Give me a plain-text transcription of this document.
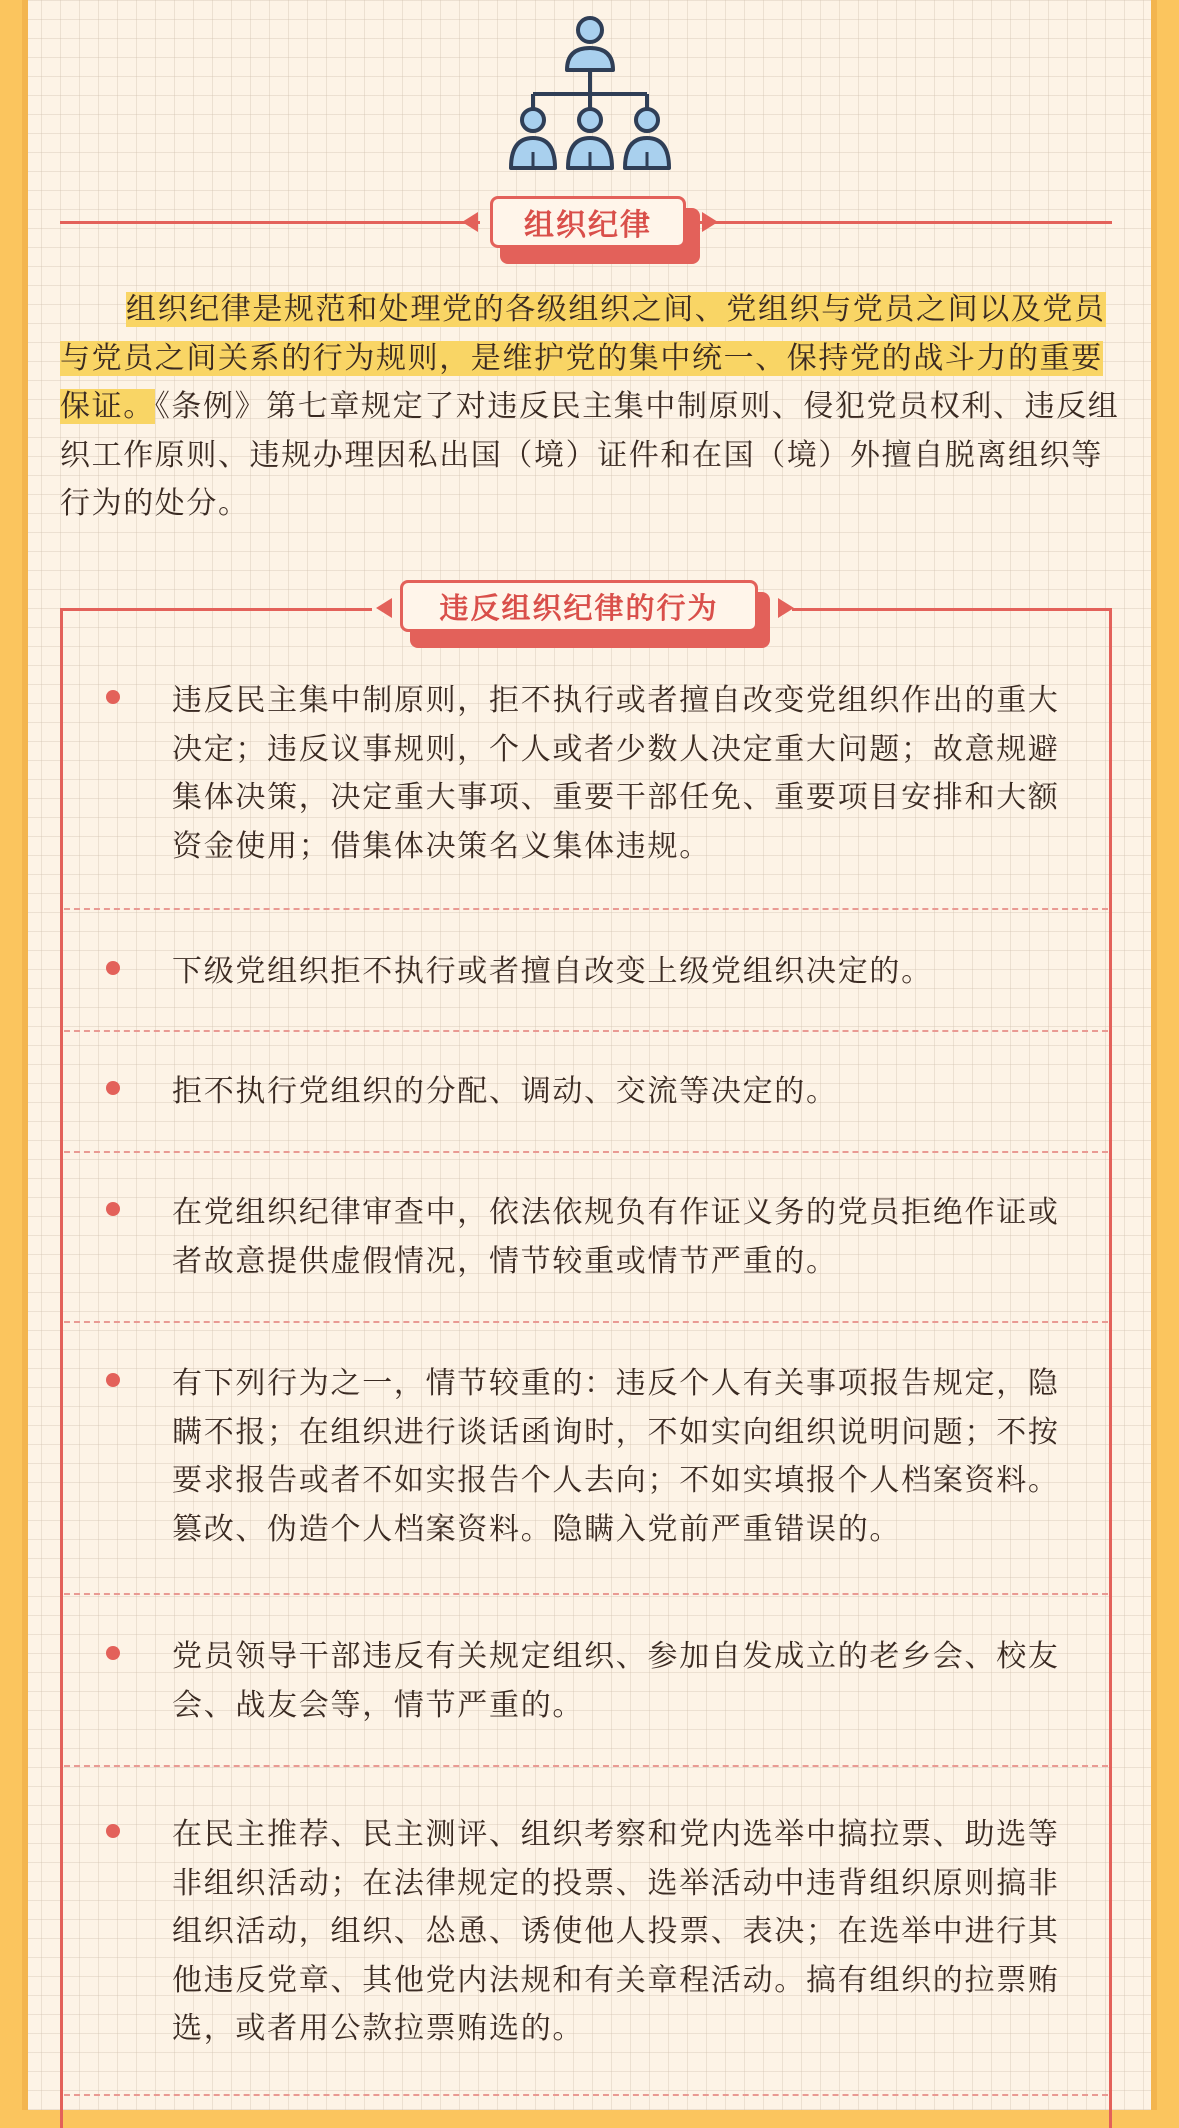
组织纪律

组织纪律是规范和处理党的各级组织之间、党组织与党员之间以及党员与党员之间关系的行为规则，是维护党的集中统一、保持党的战斗力的重要保证。《条例》第七章规定了对违反民主集中制原则、侵犯党员权利、违反组织工作原则、违规办理因私出国（境）证件和在国（境）外擅自脱离组织等行为的处分。

违反组织纪律的行为

违反民主集中制原则，拒不执行或者擅自改变党组织作出的重大决定；违反议事规则，个人或者少数人决定重大问题；故意规避集体决策，决定重大事项、重要干部任免、重要项目安排和大额资金使用；借集体决策名义集体违规。

下级党组织拒不执行或者擅自改变上级党组织决定的。

拒不执行党组织的分配、调动、交流等决定的。

在党组织纪律审查中，依法依规负有作证义务的党员拒绝作证或者故意提供虚假情况，情节较重或情节严重的。

有下列行为之一，情节较重的：违反个人有关事项报告规定，隐瞒不报；在组织进行谈话函询时，不如实向组织说明问题；不按要求报告或者不如实报告个人去向；不如实填报个人档案资料。篡改、伪造个人档案资料。隐瞒入党前严重错误的。

党员领导干部违反有关规定组织、参加自发成立的老乡会、校友会、战友会等，情节严重的。

在民主推荐、民主测评、组织考察和党内选举中搞拉票、助选等非组织活动；在法律规定的投票、选举活动中违背组织原则搞非组织活动，组织、怂恿、诱使他人投票、表决；在选举中进行其他违反党章、其他党内法规和有关章程活动。搞有组织的拉票贿选，或者用公款拉票贿选的。
